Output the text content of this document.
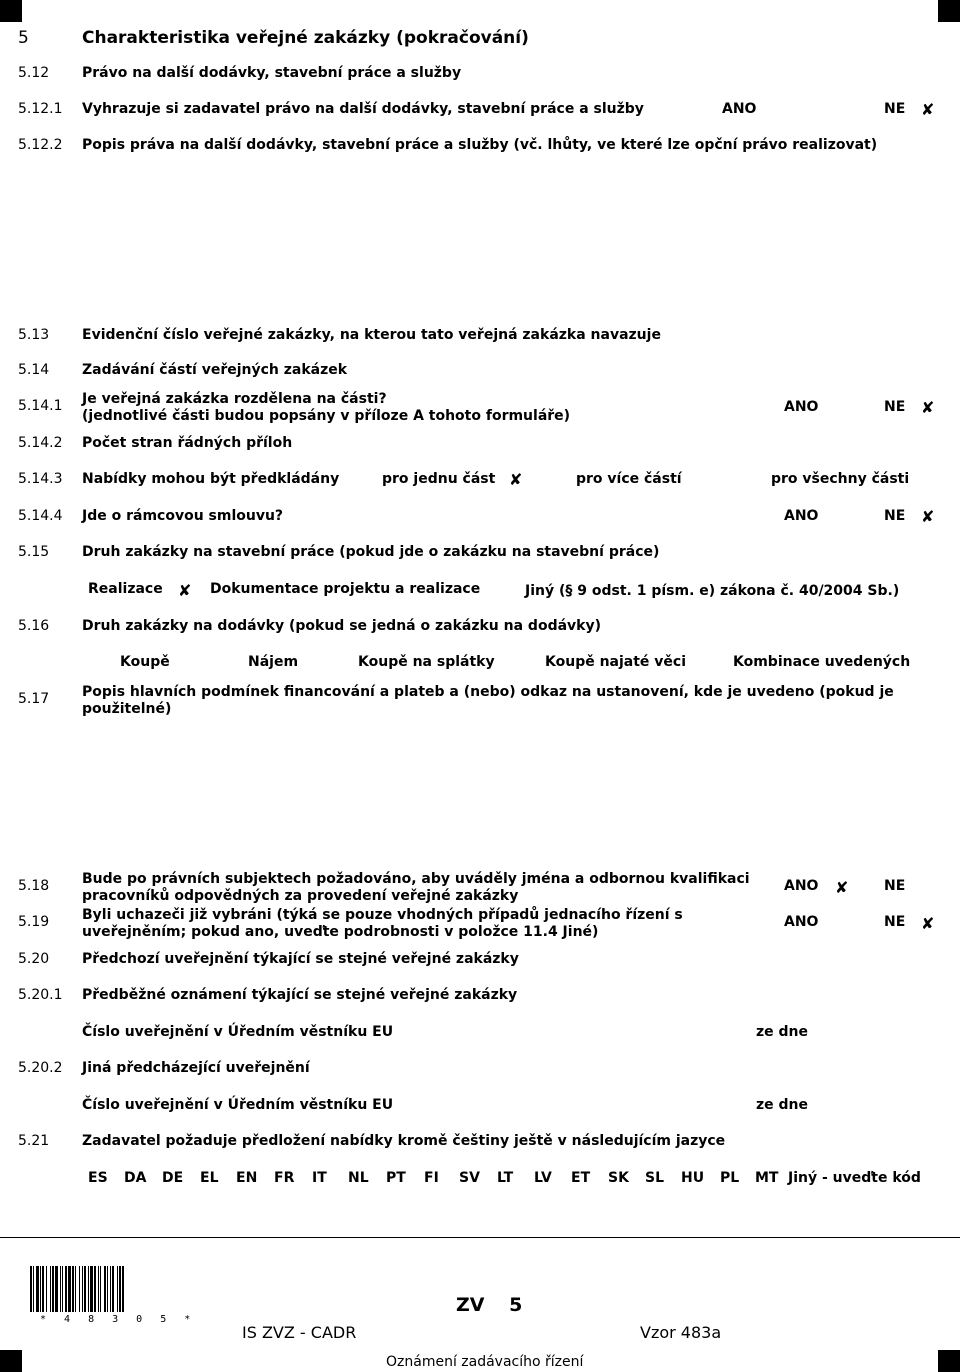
5	Charakteristika veřejné zakázky (pokračování)
5.12 Právo na další dodávky, stavební práce a služby
5.12.1 Vyhrazuje si zadavatel právo na další dodávky, stavební práce a služby	ANO	NE ✘
5.12.2 Popis práva na další dodávky, stavební práce a služby (vč. lhůty, ve které lze opční právo realizovat)
5.13 Evidenční číslo veřejné zakázky, na kterou tato veřejná zakázka navazuje
5.14 Zadávání částí veřejných zakázek
5.14.1 Je veřejná zakázka rozdělena na části?
(jednotlivé části budou popsány v příloze A tohoto formuláře)
ANO	NE ✘
5.14.2 Počet stran řádných příloh
5.14.3 Nabídky mohou být předkládány	pro jednu část ✘	pro více částí	pro všechny části
5.14.4 Jde o rámcovou smlouvu?	ANO	NE ✘
5.15 Druh zakázky na stavební práce (pokud jde o zakázku na stavební práce)
Realizace ✘ Dokumentace projektu a realizace	Jiný (§ 9 odst. 1 písm. e) zákona č. 40/2004 Sb.)
5.16 Druh zakázky na dodávky (pokud se jedná o zakázku na dodávky)
Koupě	Nájem	Koupě na splátky	Koupě najaté věci	Kombinace uvedených
5.17 Popis hlavních podmínek financování a plateb a (nebo) odkaz na ustanovení, kde je uvedeno (pokud je
použitelné)
5.18 Bude po právních subjektech požadováno, aby uváděly jména a odbornou kvalifikaci
pracovníků odpovědných za provedení veřejné zakázky
ANO ✘	NE
5.19 Byli uchazeči již vybráni (týká se pouze vhodných případů jednacího řízení s
uveřejněním; pokud ano, uveďte podrobnosti v položce 11.4 Jiné)
ANO	NE ✘
5.20 Předchozí uveřejnění týkající se stejné veřejné zakázky
5.20.1 Předběžné oznámení týkající se stejné veřejné zakázky
Číslo uveřejnění v Úředním věstníku EU	ze dne
5.20.2 Jiná předcházející uveřejnění
Číslo uveřejnění v Úředním věstníku EU	ze dne
5.21 Zadavatel požaduje předložení nabídky kromě češtiny ještě v následujícím jazyce
ES DA DE EL EN FR IT NL PT FI SV LT LV ET SK SL HU PL MT Jiný - uveďte kód
* 4 8 3 0 5 *
ZV 5
IS ZVZ - CADR	Vzor 483a
Oznámení zadávacího řízení
